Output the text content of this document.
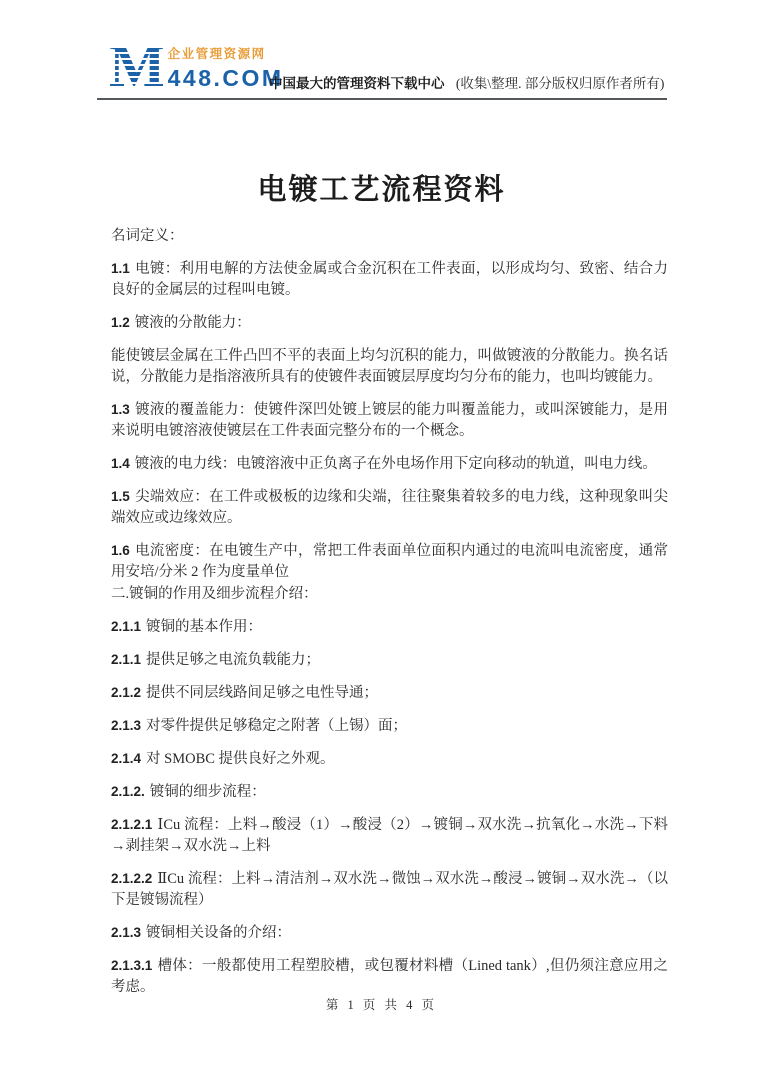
M 企业管理资源网
448.COM
中国最大的管理资料下载中心 (收集\整理. 部分版权归原作者所有)
电镀工艺流程资料

名词定义：

1.1 电镀：利用电解的方法使金属或合金沉积在工件表面，以形成均匀、致密、结合力良好的金属层的过程叫电镀。

1.2 镀液的分散能力：

能使镀层金属在工件凸凹不平的表面上均匀沉积的能力，叫做镀液的分散能力。换名话说，分散能力是指溶液所具有的使镀件表面镀层厚度均匀分布的能力，也叫均镀能力。

1.3 镀液的覆盖能力：使镀件深凹处镀上镀层的能力叫覆盖能力，或叫深镀能力，是用来说明电镀溶液使镀层在工件表面完整分布的一个概念。

1.4 镀液的电力线：电镀溶液中正负离子在外电场作用下定向移动的轨道，叫电力线。

1.5 尖端效应：在工件或极板的边缘和尖端，往往聚集着较多的电力线，这种现象叫尖端效应或边缘效应。

1.6 电流密度：在电镀生产中，常把工件表面单位面积内通过的电流叫电流密度，通常用安培/分米 2 作为度量单位

二.镀铜的作用及细步流程介绍：

2.1.1 镀铜的基本作用：

2.1.1 提供足够之电流负载能力；

2.1.2 提供不同层线路间足够之电性导通；

2.1.3 对零件提供足够稳定之附著（上锡）面；

2.1.4 对 SMOBC 提供良好之外观。

2.1.2. 镀铜的细步流程：

2.1.2.1 ⅠCu 流程：上料→酸浸（1）→酸浸（2）→镀铜→双水洗→抗氧化→水洗→下料→剥挂架→双水洗→上料

2.1.2.2 ⅡCu 流程：上料→清洁剂→双水洗→微蚀→双水洗→酸浸→镀铜→双水洗→（以下是镀锡流程）

2.1.3 镀铜相关设备的介绍：

2.1.3.1 槽体：一般都使用工程塑胶槽，或包覆材料槽（Lined tank）,但仍须注意应用之考虑。

第 1 页 共 4 页
